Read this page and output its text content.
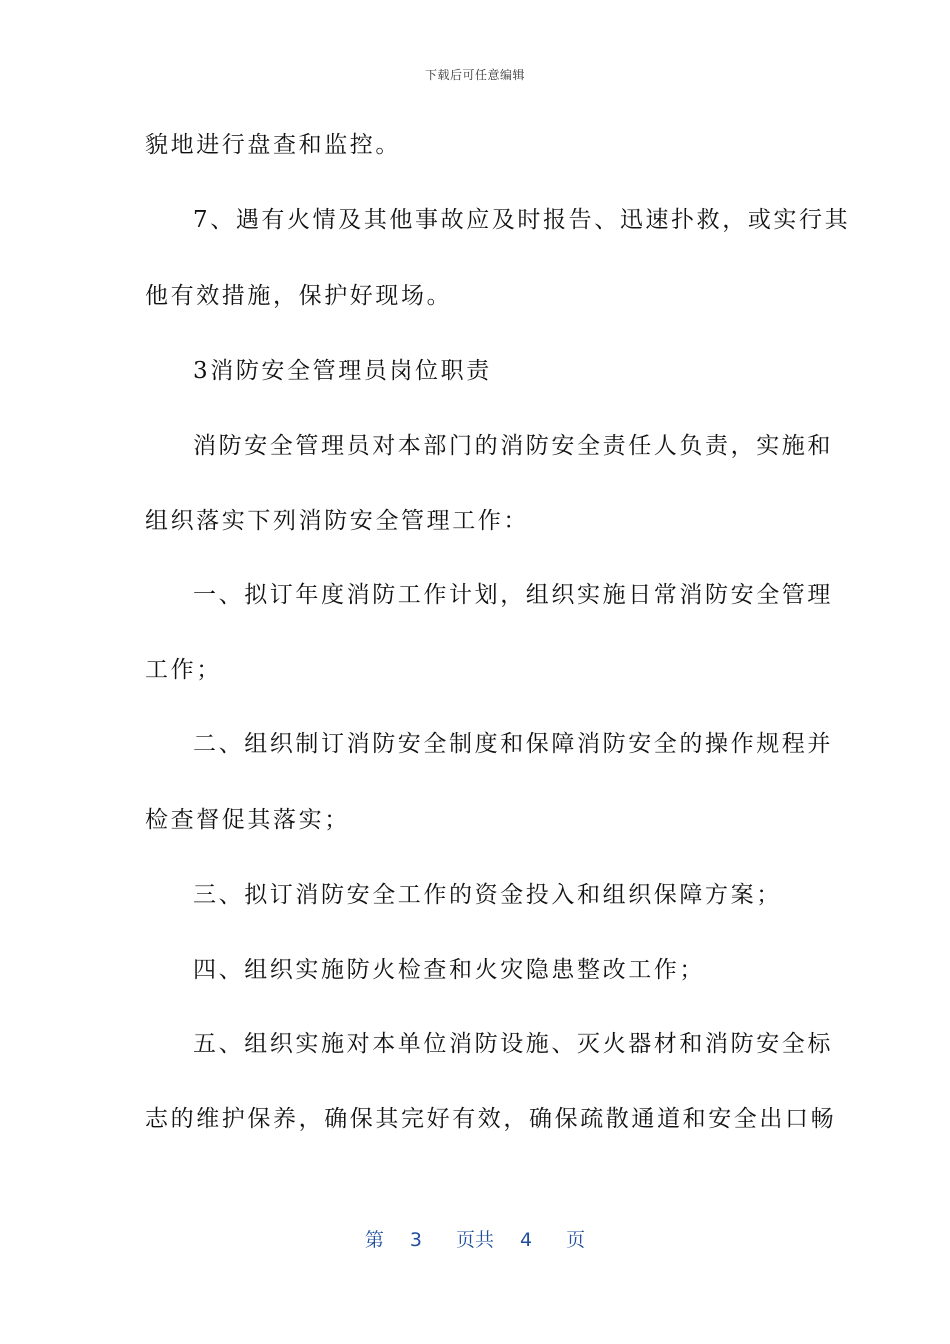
下载后可任意编辑
貌地进行盘查和监控。
7、遇有火情及其他事故应及时报告、迅速扑救，或实行其
他有效措施，保护好现场。
3消防安全管理员岗位职责
消防安全管理员对本部门的消防安全责任人负责，实施和
组织落实下列消防安全管理工作：
一、拟订年度消防工作计划，组织实施日常消防安全管理
工作；
二、组织制订消防安全制度和保障消防安全的操作规程并
检查督促其落实；
三、拟订消防安全工作的资金投入和组织保障方案；
四、组织实施防火检查和火灾隐患整改工作；
五、组织实施对本单位消防设施、灭火器材和消防安全标
志的维护保养，确保其完好有效，确保疏散通道和安全出口畅
第 3 页共 4 页
